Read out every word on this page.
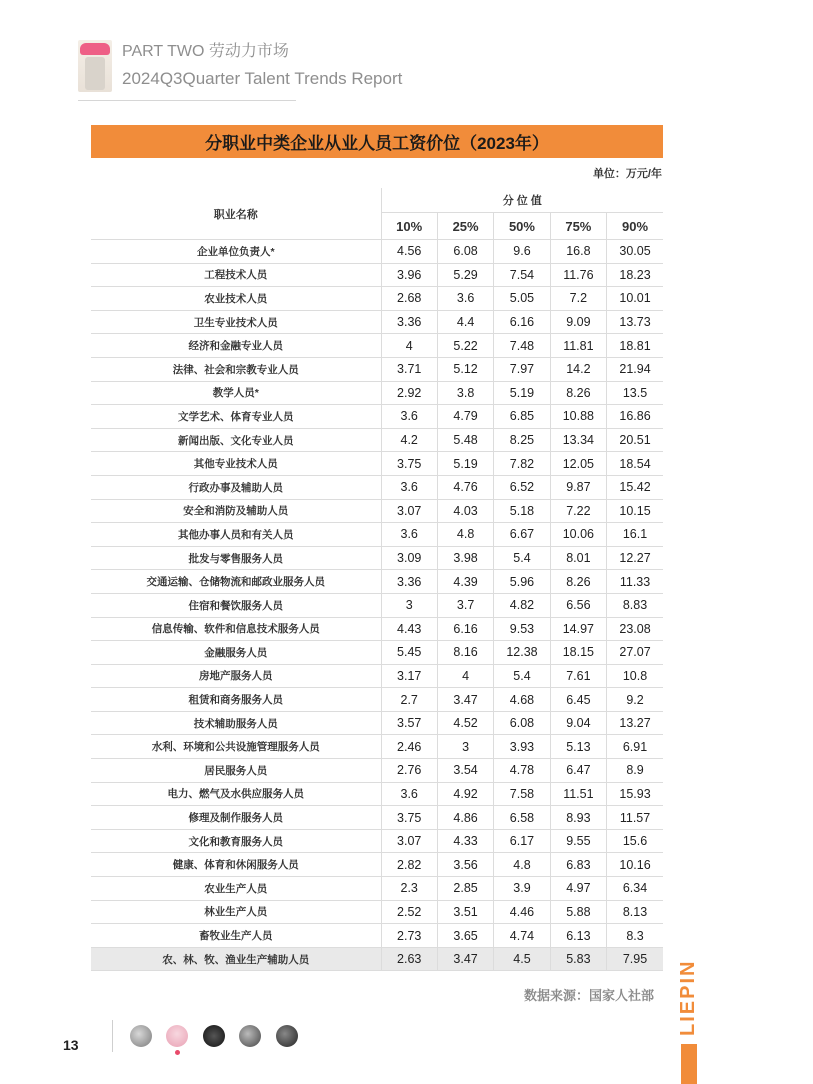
PART TWO 劳动力市场
2024Q3Quarter Talent Trends Report
分职业中类企业从业人员工资价位（2023年）
单位：万元/年
职业名称	分 位 值				
	10%	25%	50%	75%	90%
企业单位负责人*	4.56	6.08	9.6	16.8	30.05
工程技术人员	3.96	5.29	7.54	11.76	18.23
农业技术人员	2.68	3.6	5.05	7.2	10.01
卫生专业技术人员	3.36	4.4	6.16	9.09	13.73
经济和金融专业人员	4	5.22	7.48	11.81	18.81
法律、社会和宗教专业人员	3.71	5.12	7.97	14.2	21.94
教学人员*	2.92	3.8	5.19	8.26	13.5
文学艺术、体育专业人员	3.6	4.79	6.85	10.88	16.86
新闻出版、文化专业人员	4.2	5.48	8.25	13.34	20.51
其他专业技术人员	3.75	5.19	7.82	12.05	18.54
行政办事及辅助人员	3.6	4.76	6.52	9.87	15.42
安全和消防及辅助人员	3.07	4.03	5.18	7.22	10.15
其他办事人员和有关人员	3.6	4.8	6.67	10.06	16.1
批发与零售服务人员	3.09	3.98	5.4	8.01	12.27
交通运输、仓储物流和邮政业服务人员	3.36	4.39	5.96	8.26	11.33
住宿和餐饮服务人员	3	3.7	4.82	6.56	8.83
信息传输、软件和信息技术服务人员	4.43	6.16	9.53	14.97	23.08
金融服务人员	5.45	8.16	12.38	18.15	27.07
房地产服务人员	3.17	4	5.4	7.61	10.8
租赁和商务服务人员	2.7	3.47	4.68	6.45	9.2
技术辅助服务人员	3.57	4.52	6.08	9.04	13.27
水利、环境和公共设施管理服务人员	2.46	3	3.93	5.13	6.91
居民服务人员	2.76	3.54	4.78	6.47	8.9
电力、燃气及水供应服务人员	3.6	4.92	7.58	11.51	15.93
修理及制作服务人员	3.75	4.86	6.58	8.93	11.57
文化和教育服务人员	3.07	4.33	6.17	9.55	15.6
健康、体育和休闲服务人员	2.82	3.56	4.8	6.83	10.16
农业生产人员	2.3	2.85	3.9	4.97	6.34
林业生产人员	2.52	3.51	4.46	5.88	8.13
畜牧业生产人员	2.73	3.65	4.74	6.13	8.3
农、林、牧、渔业生产辅助人员	2.63	3.47	4.5	5.83	7.95
数据来源：国家人社部 LIEPIN
13
